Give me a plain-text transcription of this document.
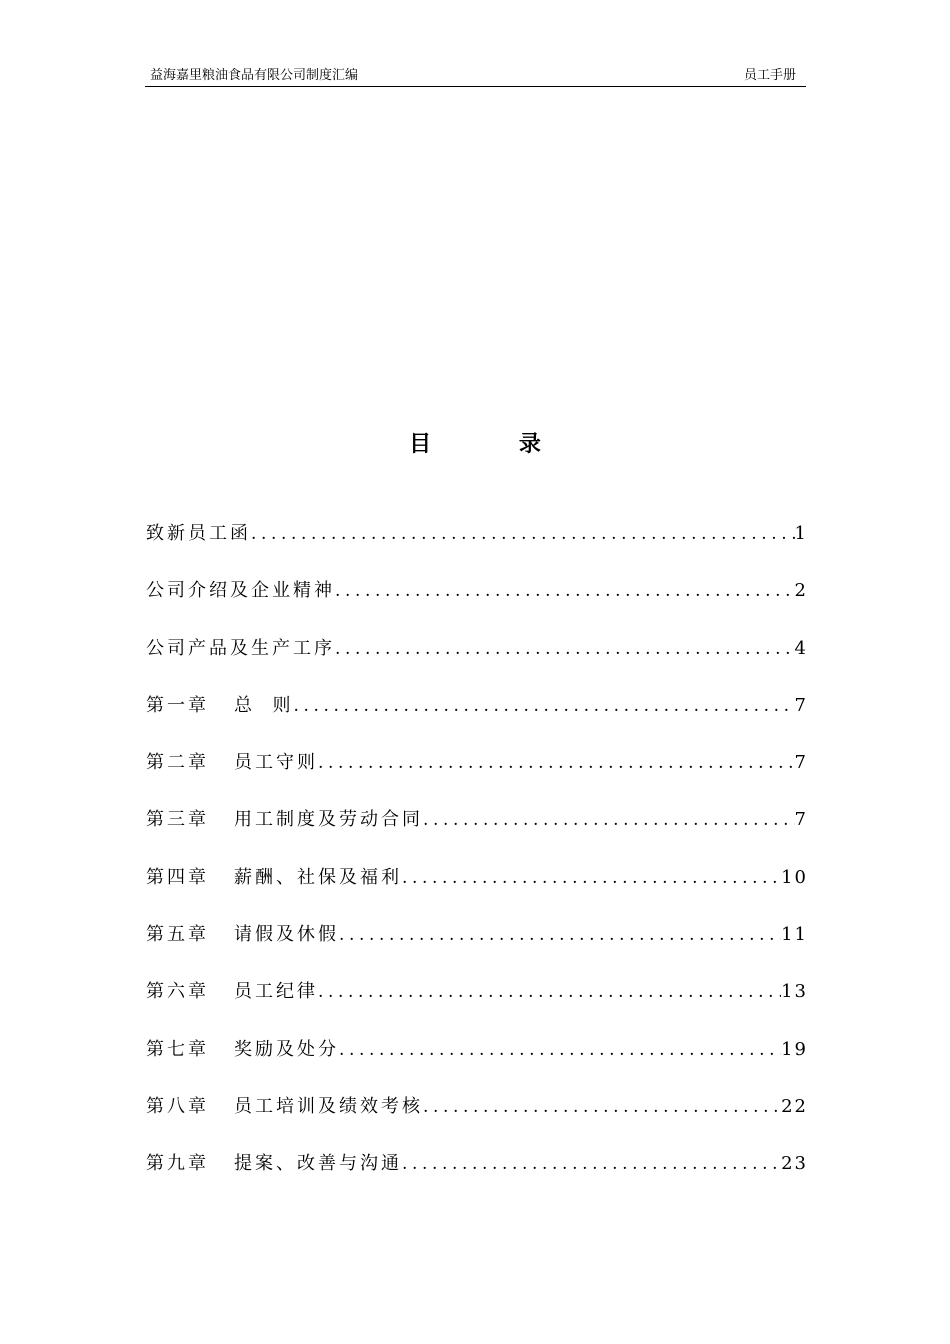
益海嘉里粮油食品有限公司制度汇编	员工手册
目 录
致新员工函 .....	1
公司介绍及企业精神 .....	2
公司产品及生产工序 .....	4
第一章 总  则 .....	7
第二章 员工守则 .....	7
第三章 用工制度及劳动合同 .....	7
第四章 薪酬、社保及福利 .....	10
第五章 请假及休假 .....	11
第六章 员工纪律 .....	13
第七章 奖励及处分 .....	19
第八章 员工培训及绩效考核 .....	22
第九章 提案、改善与沟通 .....	23
